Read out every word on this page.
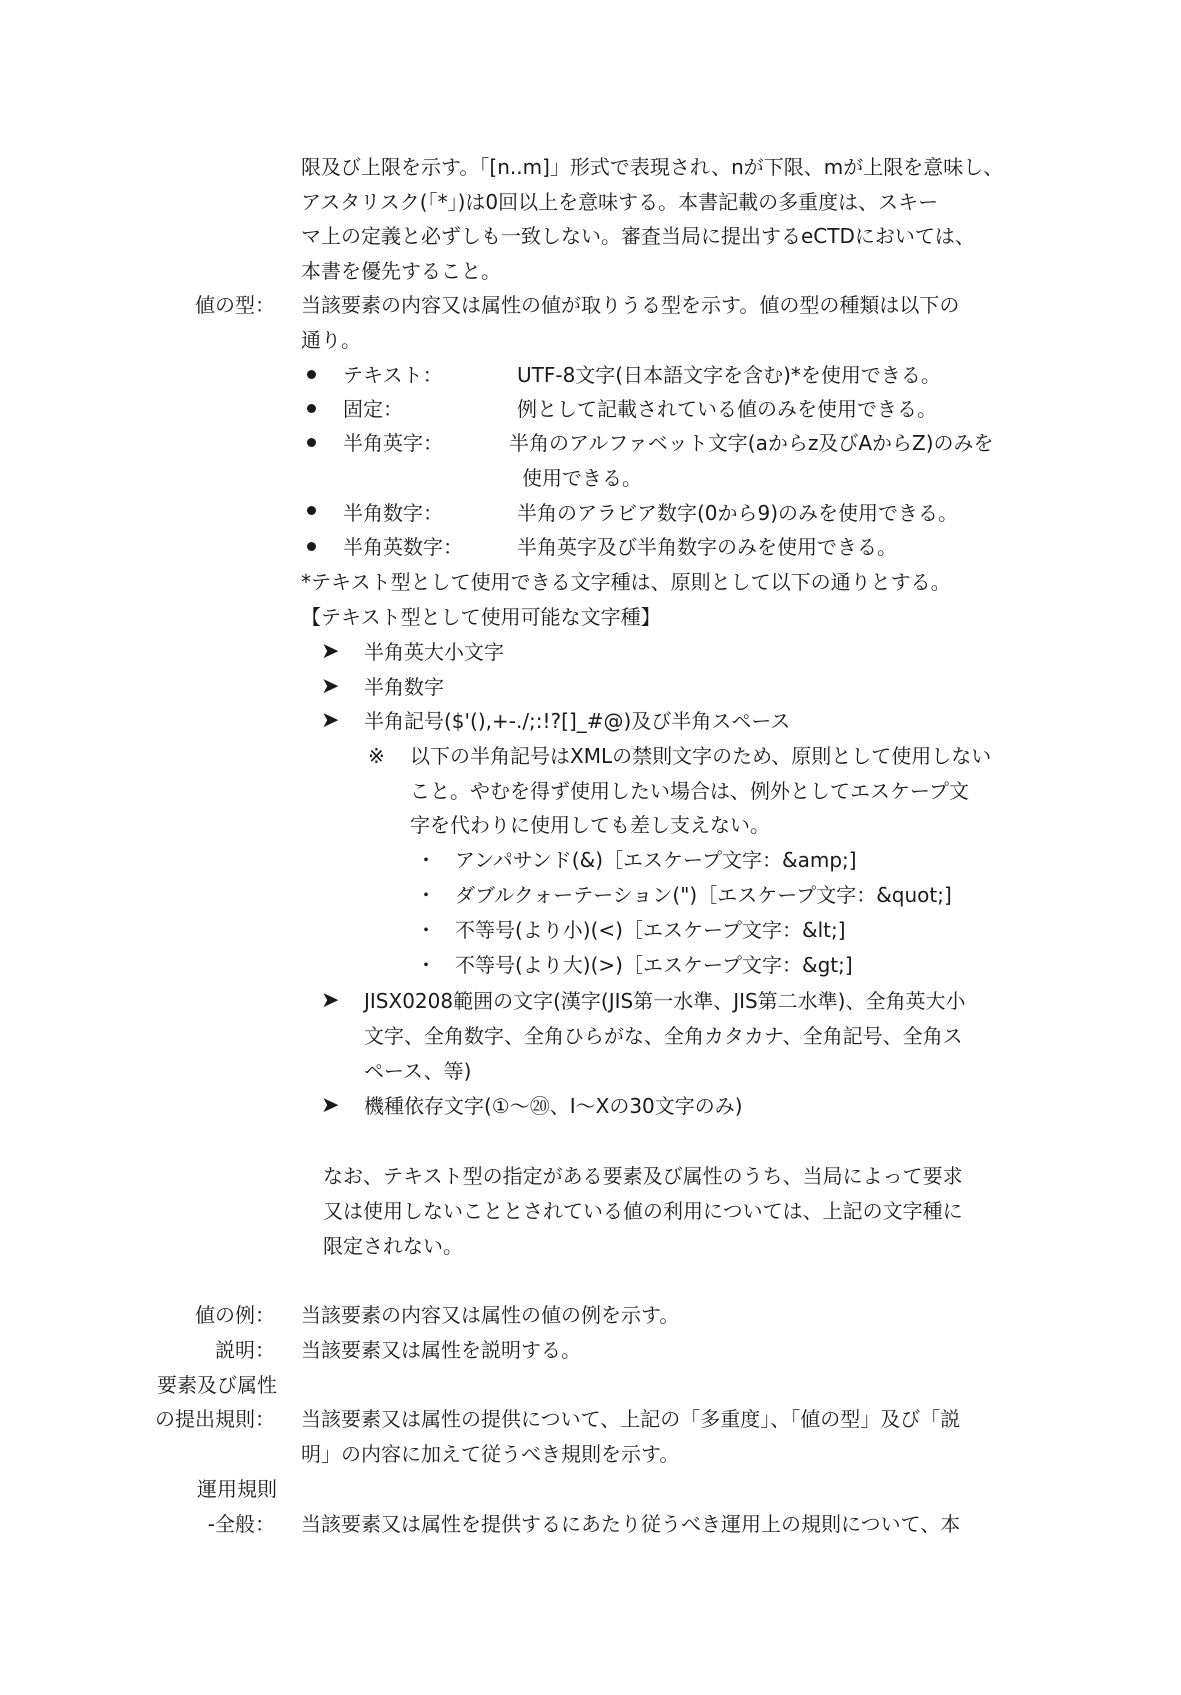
限及び上限を示す。「[n..m]」形式で表現され、nが下限、mが上限を意味し、
アスタリスク(「*」)は0回以上を意味する。本書記載の多重度は、スキー
マ上の定義と必ずしも一致しない。審査当局に提出するeCTDにおいては、
本書を優先すること。
値の型： 当該要素の内容又は属性の値が取りうる型を示す。値の型の種類は以下の
通り。
テキスト：	UTF-8文字(日本語文字を含む)*を使用できる。
固定：	例として記載されている値のみを使用できる。
半角英字：	半角のアルファベット文字(aからz及びAからZ)のみを
使用できる。
半角数字：	半角のアラビア数字(0から9)のみを使用できる。
半角英数字：	半角英字及び半角数字のみを使用できる。
*テキスト型として使用できる文字種は、原則として以下の通りとする。
【テキスト型として使用可能な文字種】
➤ 半角英大小文字
➤ 半角数字
➤ 半角記号($'(),+-./;:!?[]_#@)及び半角スペース
※ 以下の半角記号はXMLの禁則文字のため、原則として使用しない
こと。やむを得ず使用したい場合は、例外としてエスケープ文
字を代わりに使用しても差し支えない。
・ アンパサンド(&)［エスケープ文字：&amp;]
・ ダブルクォーテーション(")［エスケープ文字：&quot;]
・ 不等号(より小)(<)［エスケープ文字：&lt;]
・ 不等号(より大)(>)［エスケープ文字：&gt;]
➤ JISX0208範囲の文字(漢字(JIS第一水準、JIS第二水準)、全角英大小
文字、全角数字、全角ひらがな、全角カタカナ、全角記号、全角ス
ペース、等)
➤ 機種依存文字(①～⑳、Ⅰ～Ⅹの30文字のみ)
なお、テキスト型の指定がある要素及び属性のうち、当局によって要求
又は使用しないこととされている値の利用については、上記の文字種に
限定されない。
値の例： 当該要素の内容又は属性の値の例を示す。
説明： 当該要素又は属性を説明する。
要素及び属性
の提出規則： 当該要素又は属性の提供について、上記の「多重度」、「値の型」及び「説
明」の内容に加えて従うべき規則を示す。
運用規則
-全般： 当該要素又は属性を提供するにあたり従うべき運用上の規則について、本
